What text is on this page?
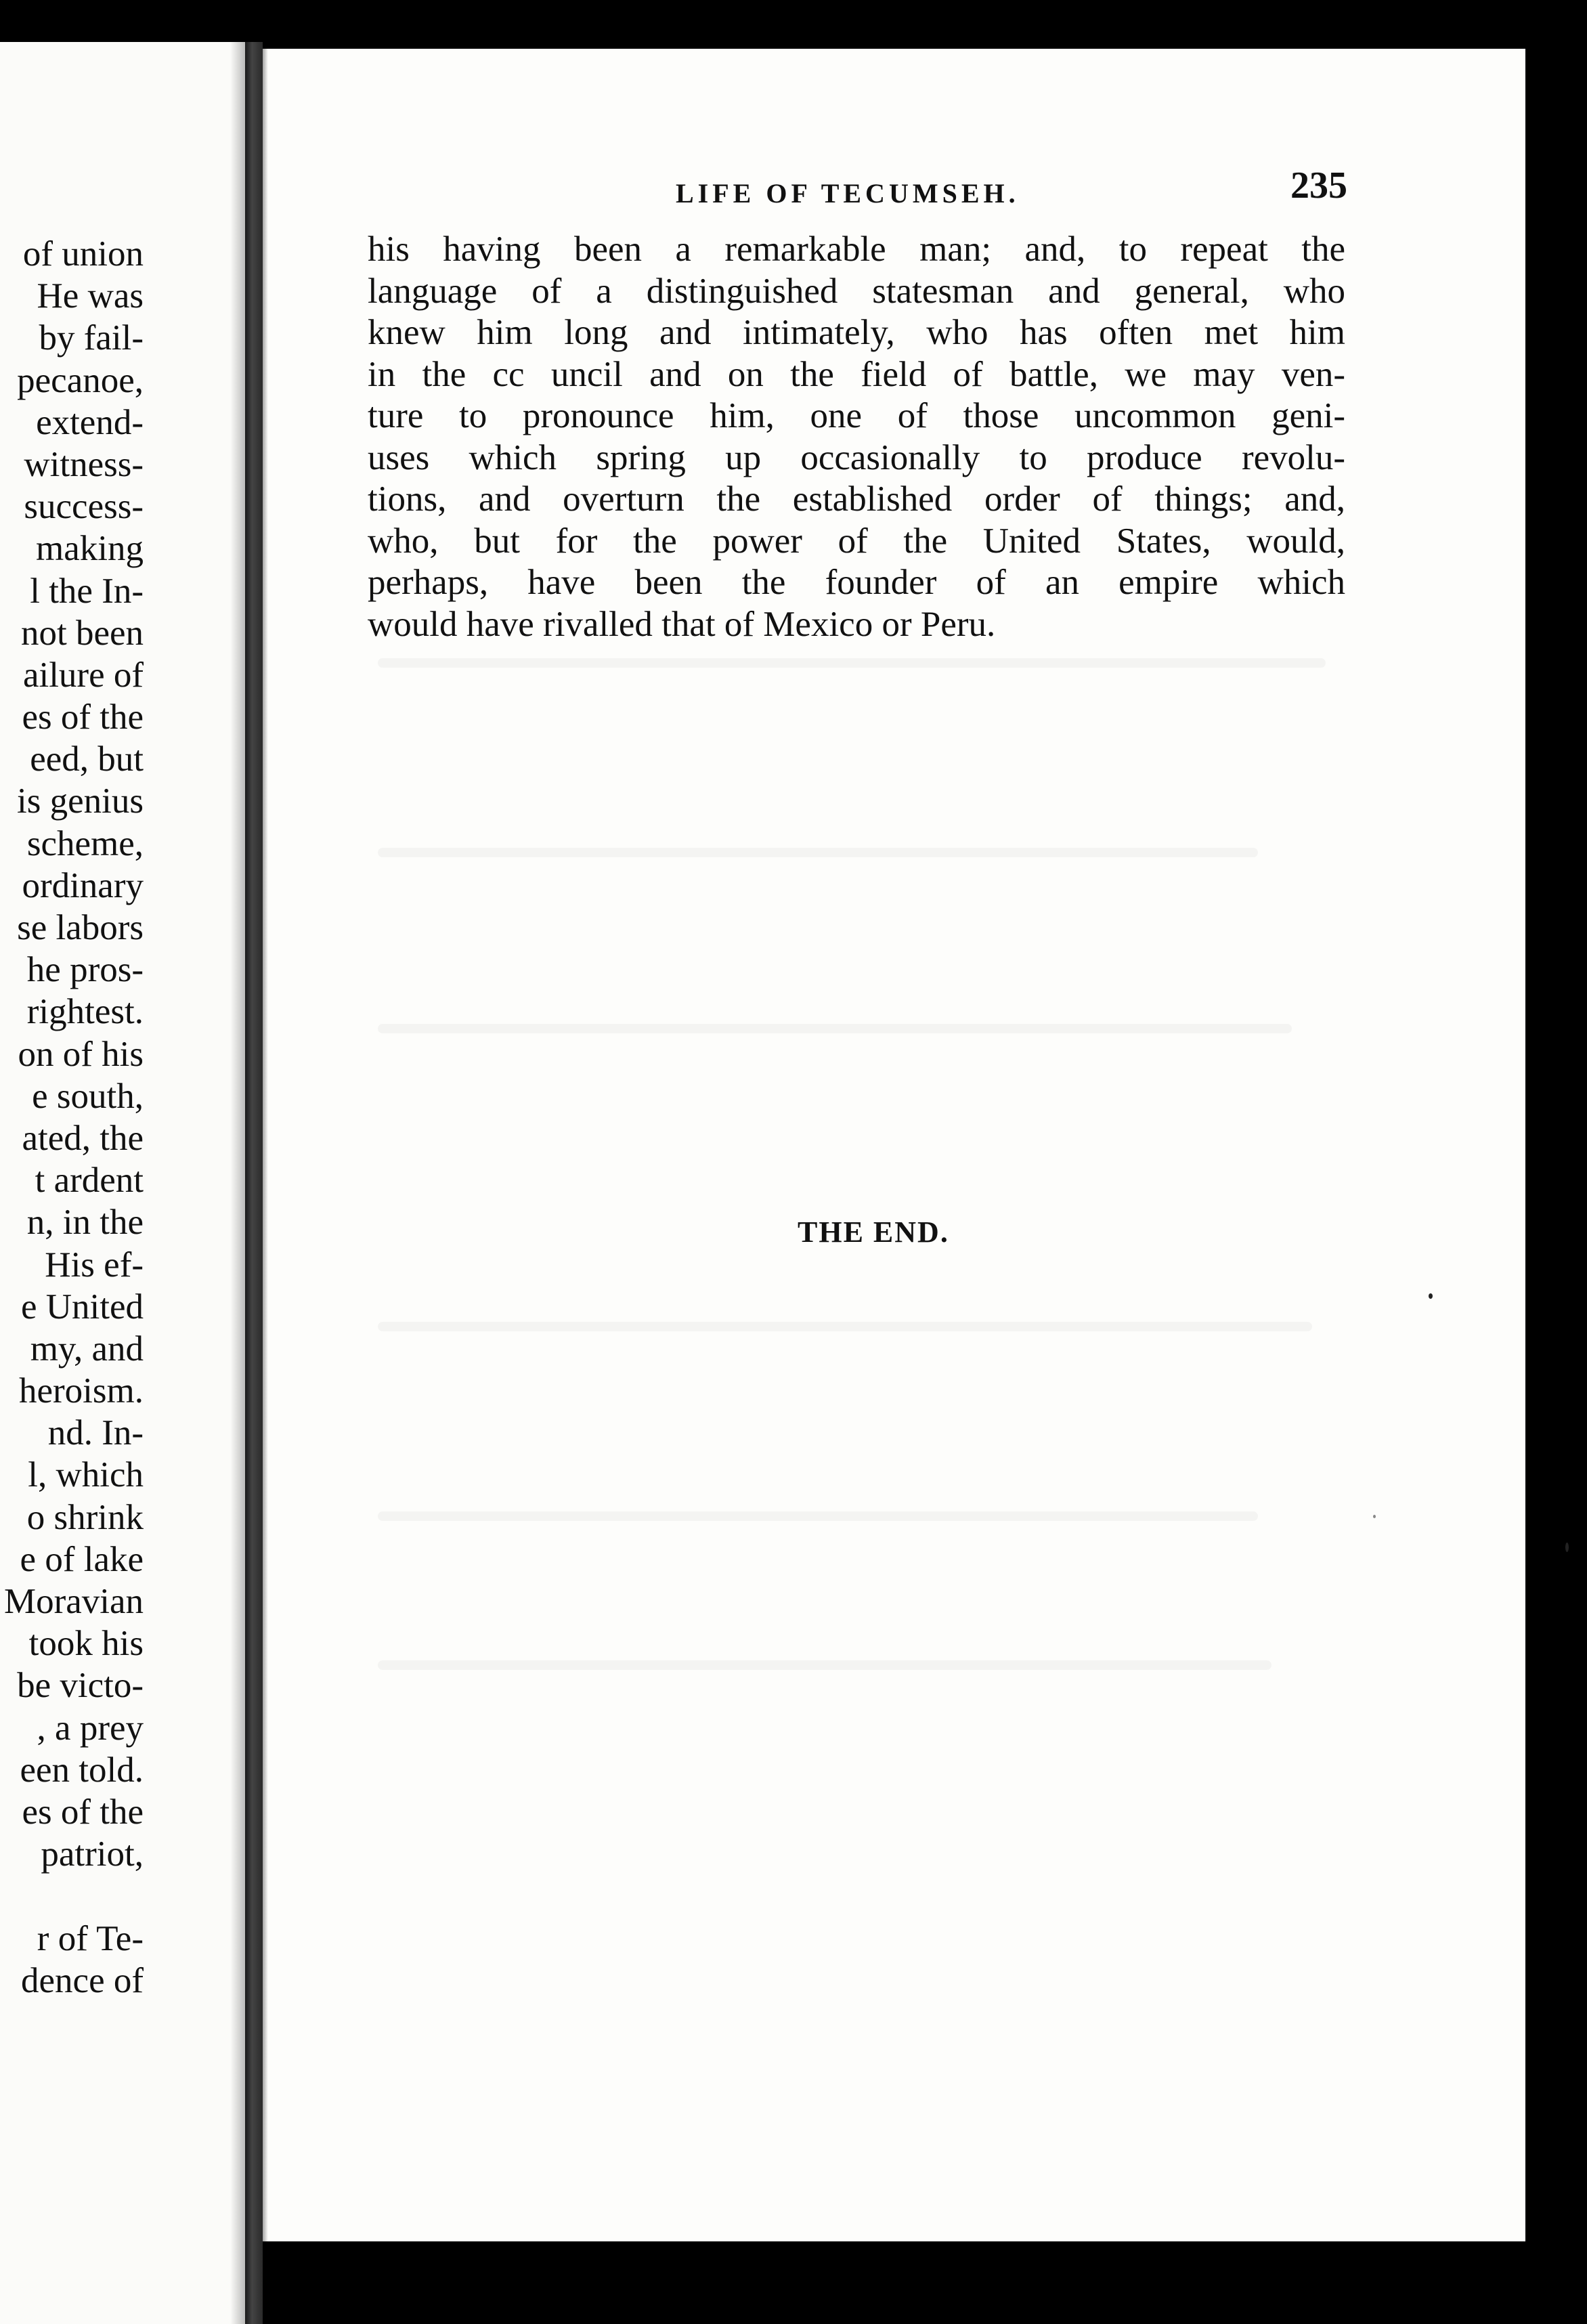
of union
He was
by fail-
pecanoe,
extend-
witness-
success-
making
l the In-
not been
ailure of
es of the
eed, but
is genius
scheme,
ordinary
se labors
he pros-
rightest.
on of his
e south,
ated, the
t ardent
n, in the
His ef-
e United
my, and
heroism.
nd. In-
l, which
o shrink
e of lake
Moravian
took his
be victo-
, a prey
een told.
es of the
patriot,
r of Te-
dence of
LIFE OF TECUMSEH.	235
his having been a remarkable man; and, to repeat the
language of a distinguished statesman and general, who
knew him long and intimately, who has often met him
in the cc uncil and on the field of battle, we may ven-
ture to pronounce him, one of those uncommon geni-
uses which spring up occasionally to produce revolu-
tions, and overturn the established order of things; and,
who, but for the power of the United States, would,
perhaps, have been the founder of an empire which
would have rivalled that of Mexico or Peru.
THE END.
